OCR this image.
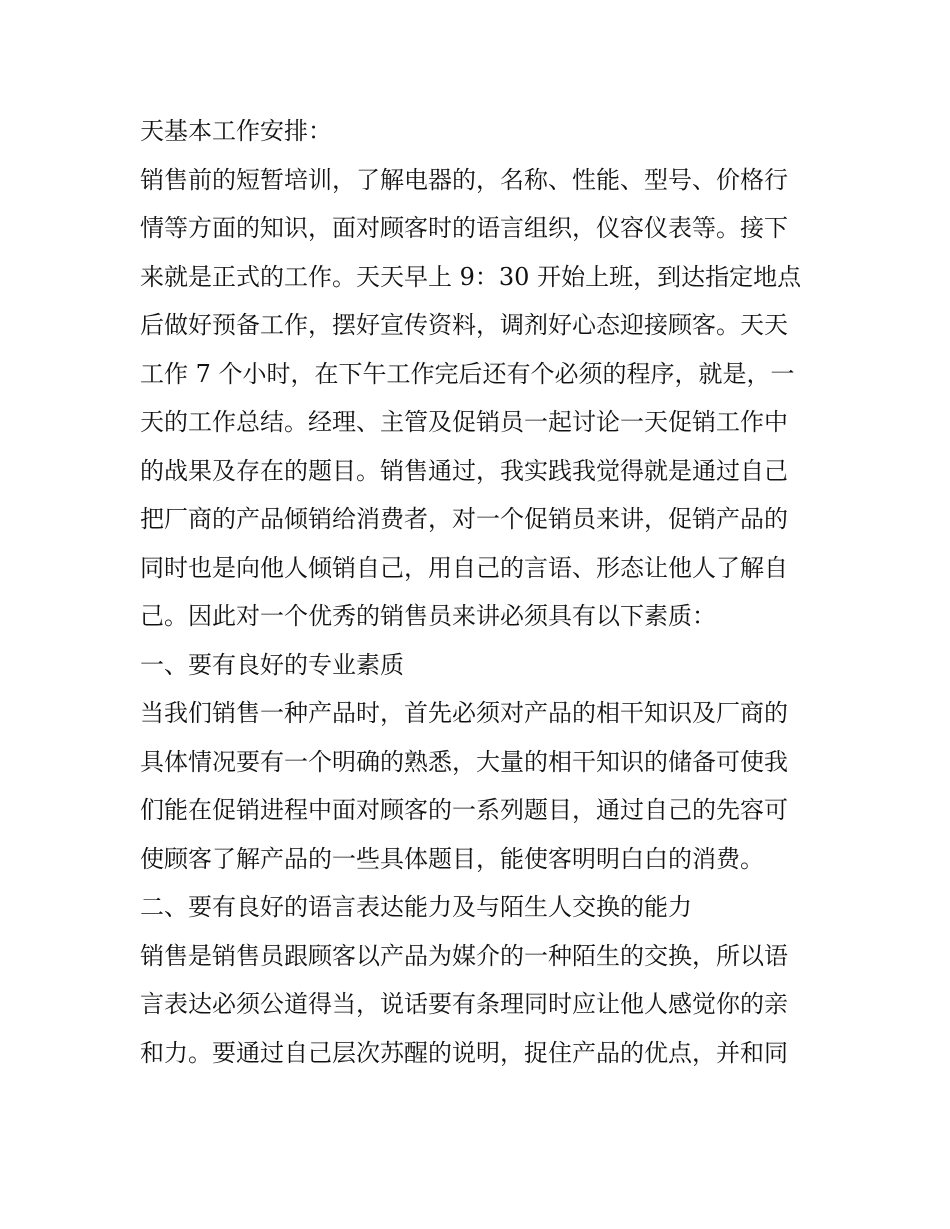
天基本工作安排：
销售前的短暂培训，了解电器的，名称、性能、型号、价格行
情等方面的知识，面对顾客时的语言组织，仪容仪表等。接下
来就是正式的工作。天天早上 9：30 开始上班，到达指定地点
后做好预备工作，摆好宣传资料，调剂好心态迎接顾客。天天
工作 7 个小时，在下午工作完后还有个必须的程序，就是，一
天的工作总结。经理、主管及促销员一起讨论一天促销工作中
的战果及存在的题目。销售通过，我实践我觉得就是通过自己
把厂商的产品倾销给消费者，对一个促销员来讲，促销产品的
同时也是向他人倾销自己，用自己的言语、形态让他人了解自
己。因此对一个优秀的销售员来讲必须具有以下素质：
一、要有良好的专业素质
当我们销售一种产品时，首先必须对产品的相干知识及厂商的
具体情况要有一个明确的熟悉，大量的相干知识的储备可使我
们能在促销进程中面对顾客的一系列题目，通过自己的先容可
使顾客了解产品的一些具体题目，能使客明明白白的消费。
二、要有良好的语言表达能力及与陌生人交换的能力
销售是销售员跟顾客以产品为媒介的一种陌生的交换，所以语
言表达必须公道得当，说话要有条理同时应让他人感觉你的亲
和力。要通过自己层次苏醒的说明，捉住产品的优点，并和同
